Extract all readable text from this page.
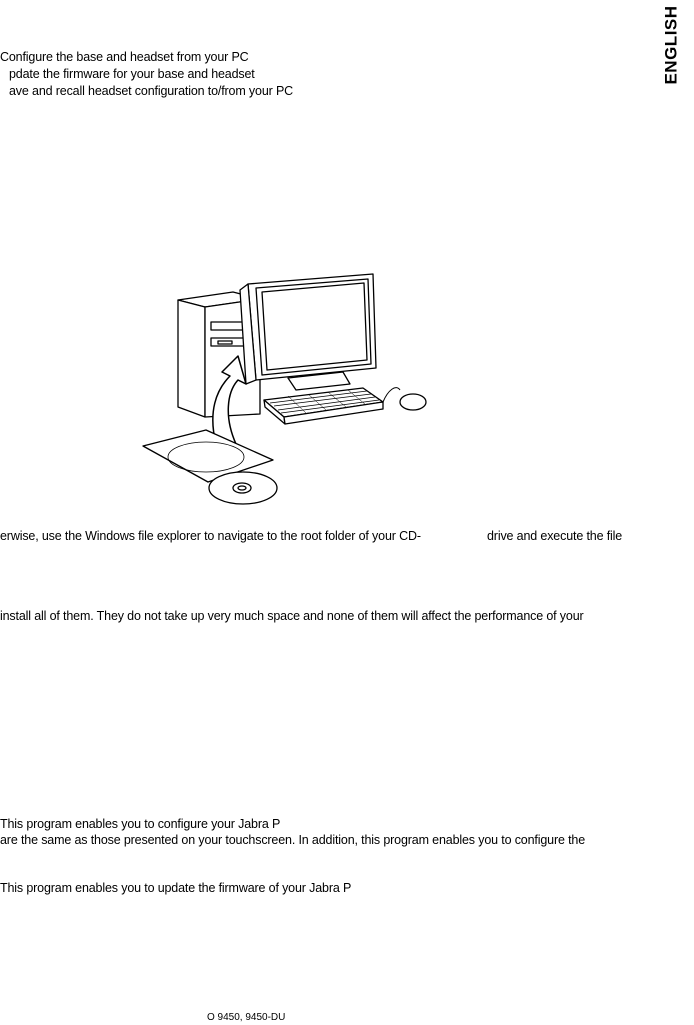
ENGLISH
Configure the base and headset from your PC
pdate the firmware for your base and headset
ave and recall headset configuration to/from your PC
erwise, use the Windows file explorer to navigate to the root folder of your CD-	drive and execute the file
install all of them. They do not take up very much space and none of them will affect the performance of your
This program enables you to configure your Jabra P
are the same as those presented on your touchscreen. In addition, this program enables you to configure the
This program enables you to update the firmware of your Jabra P
O 9450, 9450-DU
